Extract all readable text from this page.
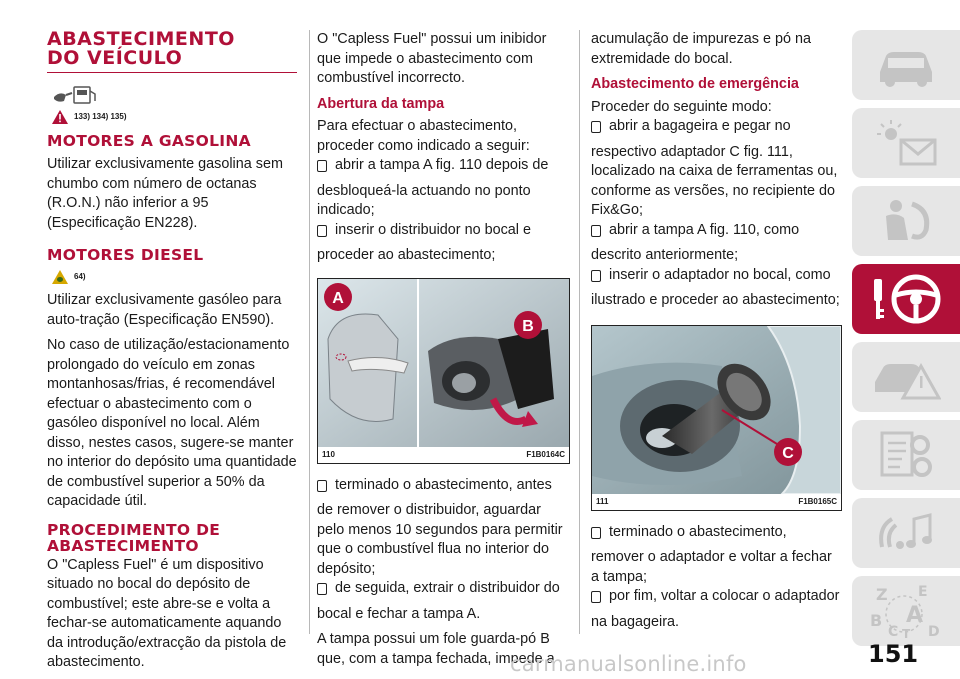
ABASTECIMENTO
DO VEÍCULO
133) 134) 135)
MOTORES A GASOLINA

Utilizar exclusivamente gasolina sem chumbo com número de octanas (R.O.N.) não inferior a 95 (Especificação EN228).

MOTORES DIESEL
64)

Utilizar exclusivamente gasóleo para auto-tração (Especificação EN590).

No caso de utilização/estacionamento prolongado do veículo em zonas montanhosas/frias, é recomendável efectuar o abastecimento com o gasóleo disponível no local. Além disso, nestes casos, sugere-se manter no interior do depósito uma quantidade de combustível superior a 50% da capacidade útil.

PROCEDIMENTO DE
ABASTECIMENTO

O "Capless Fuel" é um dispositivo situado no bocal do depósito de combustível; este abre-se e volta a fechar-se automaticamente aquando da introdução/extracção da pistola de abastecimento.

O "Capless Fuel" possui um inibidor que impede o abastecimento com combustível incorrecto.

Abertura da tampa

Para efectuar o abastecimento, proceder como indicado a seguir:

abrir a tampa A fig. 110 depois de

desbloqueá-la actuando no ponto indicado;

inserir o distribuidor no bocal e

proceder ao abastecimento;

A
B
110	F1B0164C

terminado o abastecimento, antes

de remover o distribuidor, aguardar pelo menos 10 segundos para permitir que o combustível flua no interior do depósito;

de seguida, extrair o distribuidor do

bocal e fechar a tampa A.

A tampa possui um fole guarda-pó B que, com a tampa fechada, impede a

acumulação de impurezas e pó na extremidade do bocal.

Abastecimento de emergência

Proceder do seguinte modo:

abrir a bagageira e pegar no

respectivo adaptador C fig. 111, localizado na caixa de ferramentas ou, conforme as versões, no recipiente do Fix&Go;

abrir a tampa A fig. 110, como

descrito anteriormente;

inserir o adaptador no bocal, como

ilustrado e proceder ao abastecimento;

C
111	F1B0165C

terminado o abastecimento,

remover o adaptador e voltar a fechar a tampa;

por fim, voltar a colocar o adaptador

na bagageira.

Z E
B A
C T D
151
carmanualsonline.info
